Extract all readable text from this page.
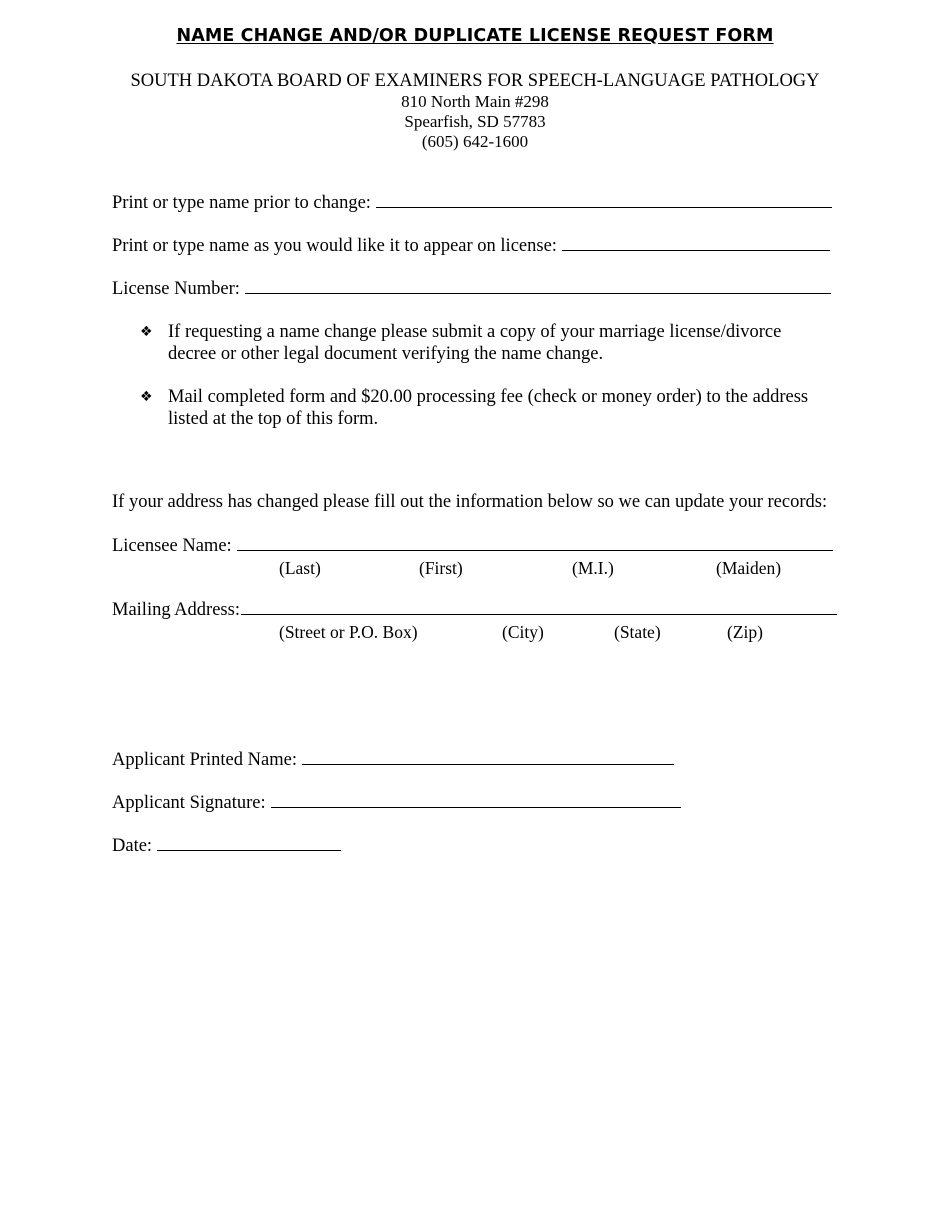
NAME CHANGE AND/OR DUPLICATE LICENSE REQUEST FORM
SOUTH DAKOTA BOARD OF EXAMINERS FOR SPEECH-LANGUAGE PATHOLOGY
810 North Main #298
Spearfish, SD 57783
(605) 642-1600
Print or type name prior to change:
Print or type name as you would like it to appear on license:
License Number:
❖ If requesting a name change please submit a copy of your marriage license/divorce decree or other legal document verifying the name change.
❖ Mail completed form and $20.00 processing fee (check or money order) to the address listed at the top of this form.
If your address has changed please fill out the information below so we can update your records:
Licensee Name:
(Last)	(First)	(M.I.)	(Maiden)
Mailing Address:
(Street or P.O. Box)	(City)	(State)	(Zip)
Applicant Printed Name:
Applicant Signature:
Date:
